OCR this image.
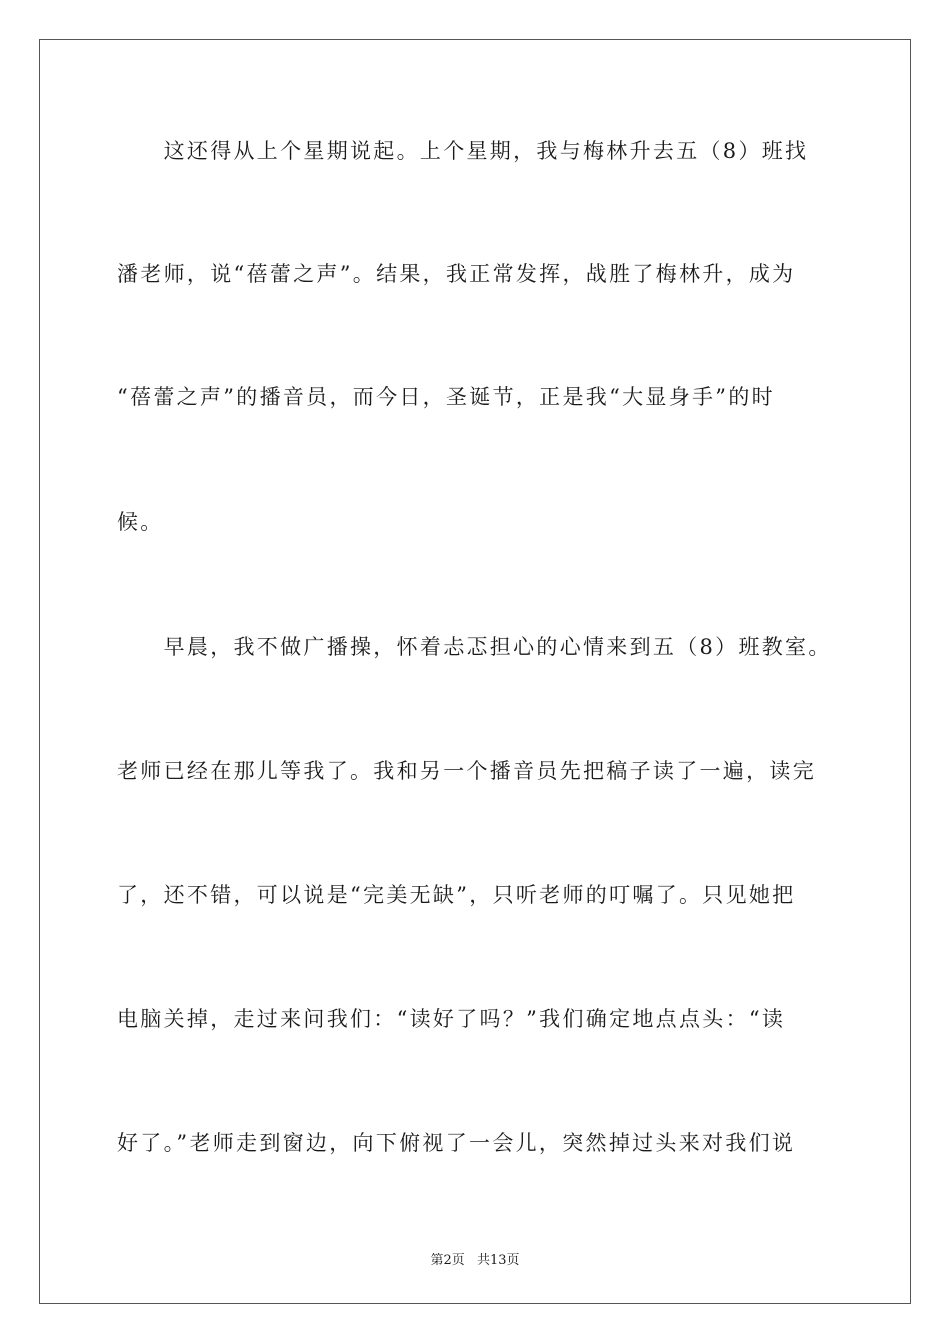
　　这还得从上个星期说起。上个星期，我与梅林升去五（8）班找
潘老师，说“蓓蕾之声”。结果，我正常发挥，战胜了梅林升，成为
“蓓蕾之声”的播音员，而今日，圣诞节，正是我“大显身手”的时
候。
　　早晨，我不做广播操，怀着忐忑担心的心情来到五（8）班教室。
老师已经在那儿等我了。我和另一个播音员先把稿子读了一遍，读完
了，还不错，可以说是“完美无缺”，只听老师的叮嘱了。只见她把
电脑关掉，走过来问我们：“读好了吗？”我们确定地点点头：“读
好了。”老师走到窗边，向下俯视了一会儿，突然掉过头来对我们说
第2页 共13页
